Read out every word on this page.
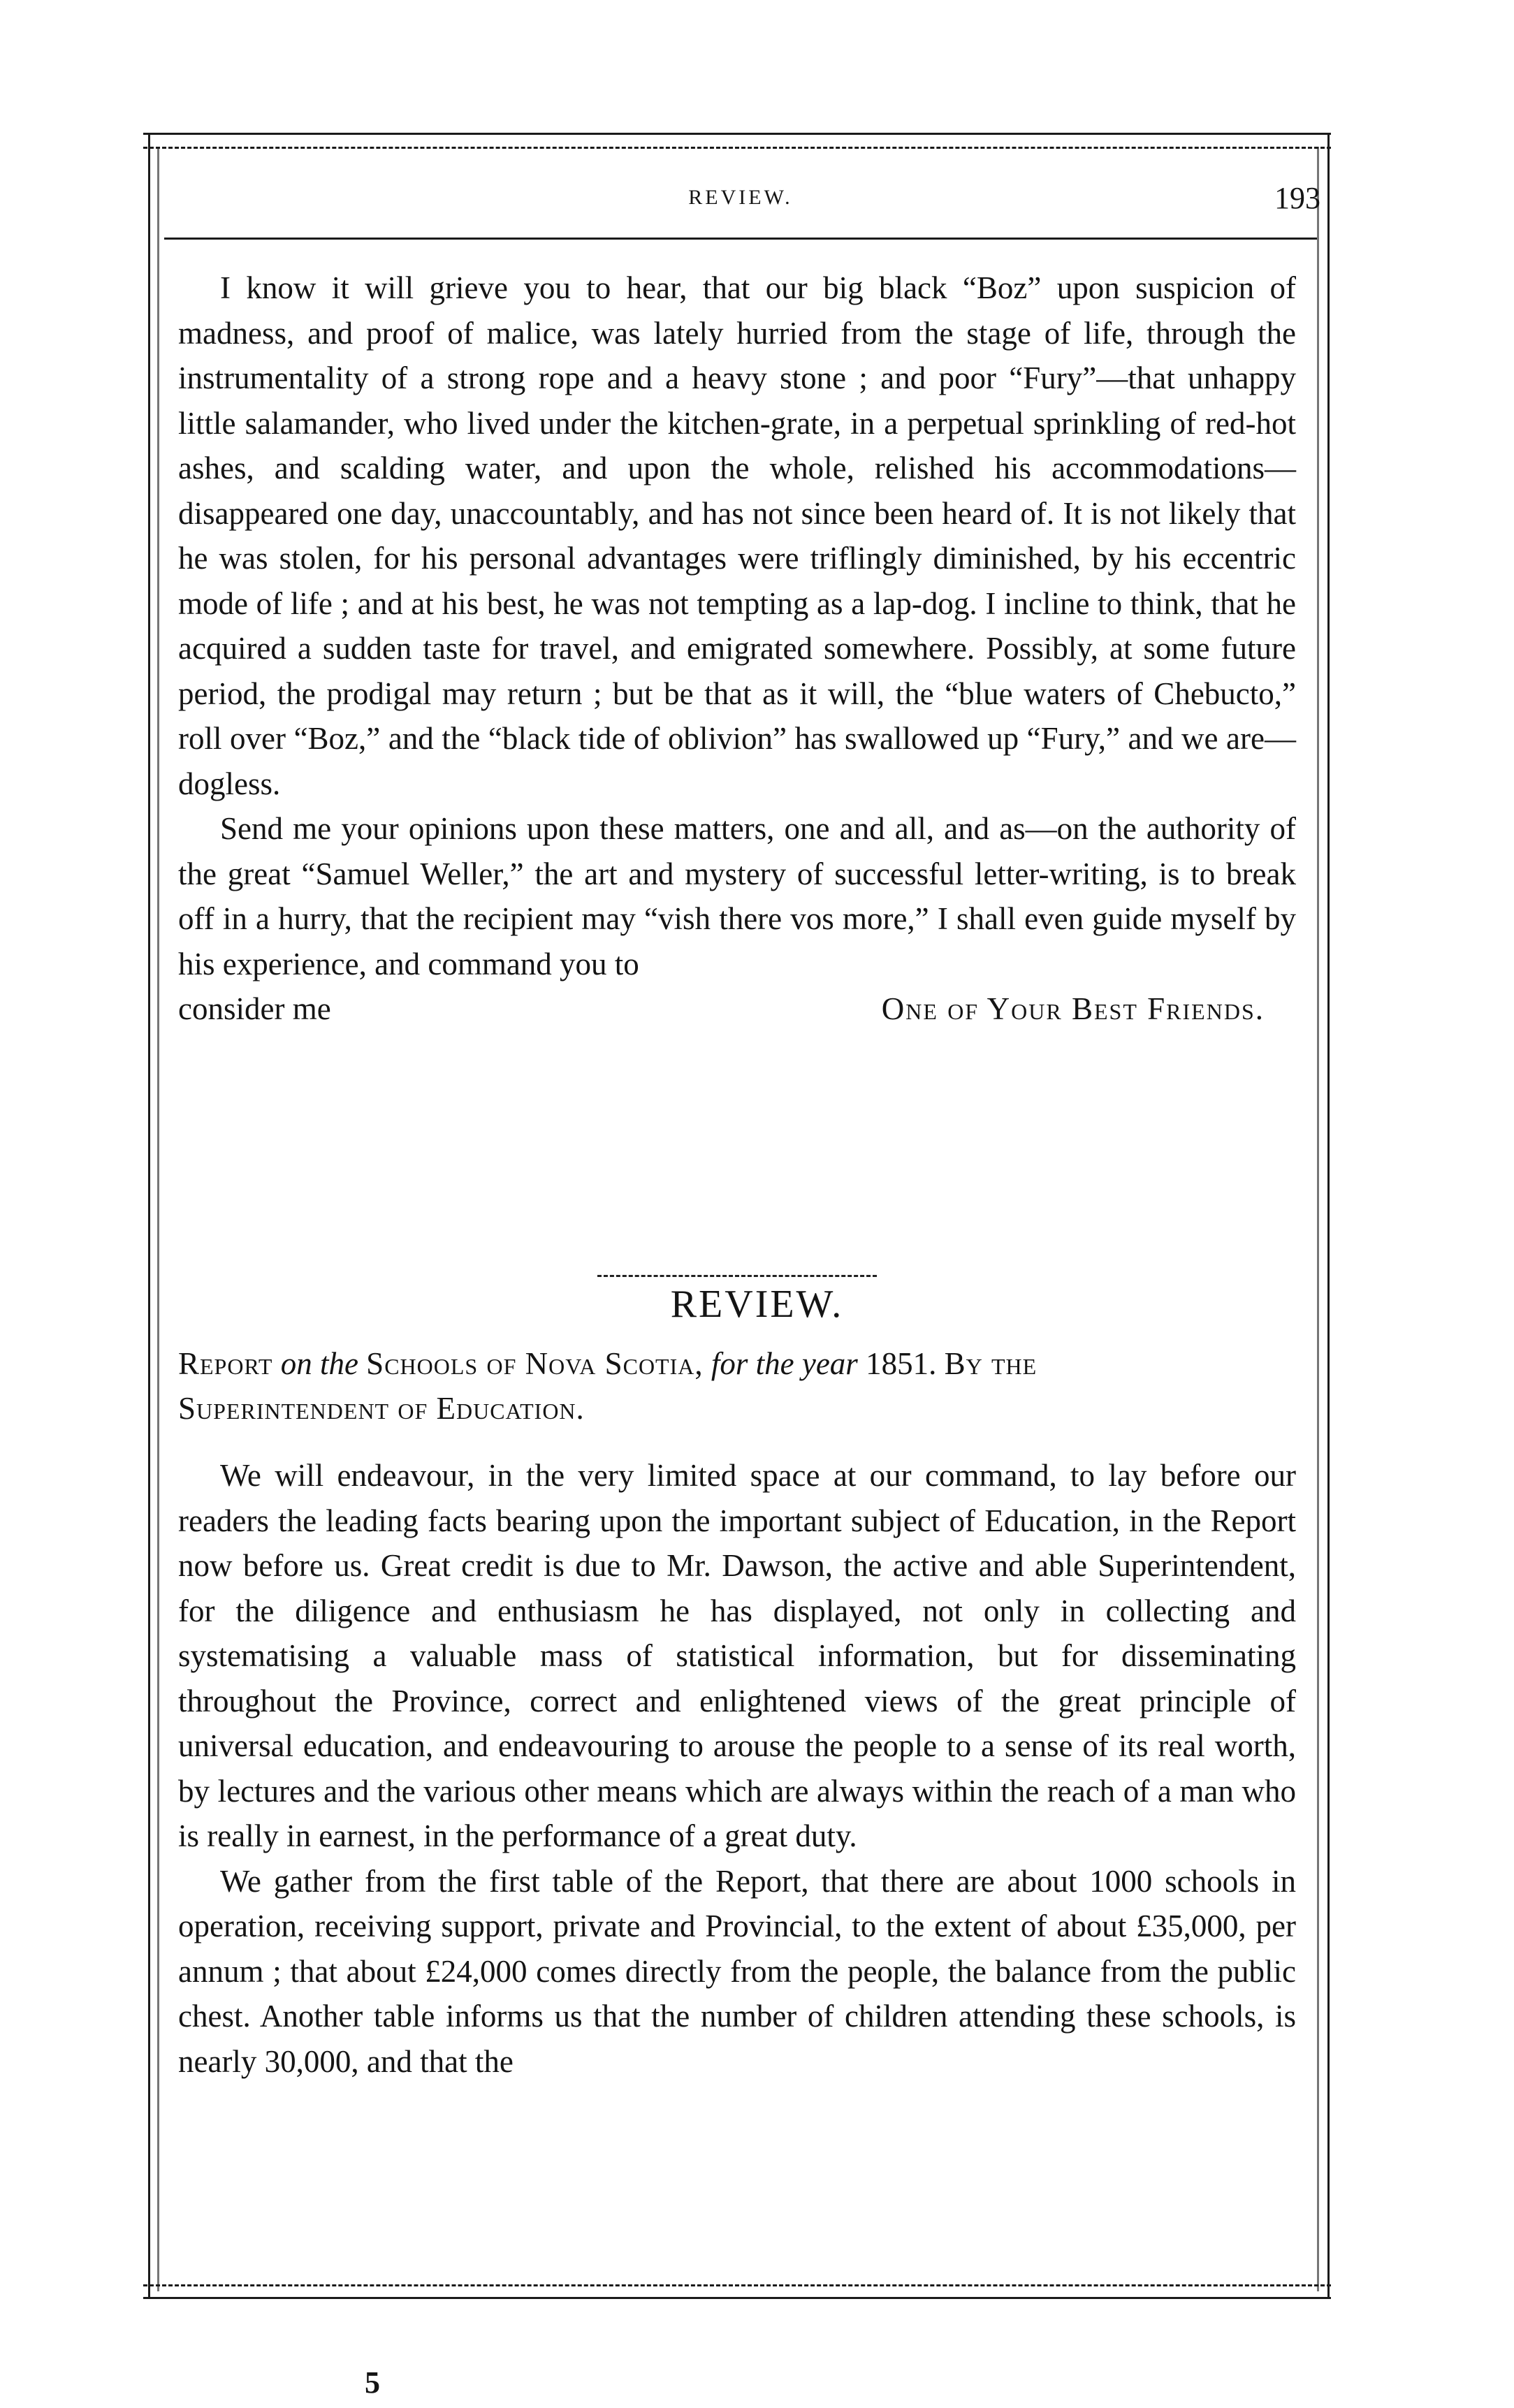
REVIEW.	193

I know it will grieve you to hear, that our big black “Boz” upon suspicion of madness, and proof of malice, was lately hurried from the stage of life, through the instrumentality of a strong rope and a heavy stone ; and poor “Fury”—that unhappy little salamander, who lived under the kitchen-grate, in a perpetual sprinkling of red-hot ashes, and scalding water, and upon the whole, relished his accommodations—disappeared one day, unaccountably, and has not since been heard of. It is not likely that he was stolen, for his personal advantages were triflingly diminished, by his eccentric mode of life ; and at his best, he was not tempting as a lap-dog. I incline to think, that he acquired a sudden taste for travel, and emigrated somewhere. Possibly, at some future period, the prodigal may return ; but be that as it will, the “blue waters of Chebucto,” roll over “Boz,” and the “black tide of oblivion” has swallowed up “Fury,” and we are—dogless.

Send me your opinions upon these matters, one and all, and as—on the authority of the great “Samuel Weller,” the art and mystery of successful letter-writing, is to break off in a hurry, that the recipient may “vish there vos more,” I shall even guide myself by his experience, and command you to

consider me	One of Your Best Friends.
REVIEW.
Report on the Schools of Nova Scotia, for the year 1851. By the
Superintendent of Education.

We will endeavour, in the very limited space at our command, to lay before our readers the leading facts bearing upon the important subject of Education, in the Report now before us. Great credit is due to Mr. Dawson, the active and able Superintendent, for the diligence and enthusiasm he has displayed, not only in collecting and systematising a valuable mass of statistical information, but for disseminating throughout the Province, correct and enlightened views of the great principle of universal education, and endeavouring to arouse the people to a sense of its real worth, by lectures and the various other means which are always within the reach of a man who is really in earnest, in the performance of a great duty.

We gather from the first table of the Report, that there are about 1000 schools in operation, receiving support, private and Provincial, to the extent of about £35,000, per annum ; that about £24,000 comes directly from the people, the balance from the public chest. Another table informs us that the number of children attending these schools, is nearly 30,000, and that the

5
